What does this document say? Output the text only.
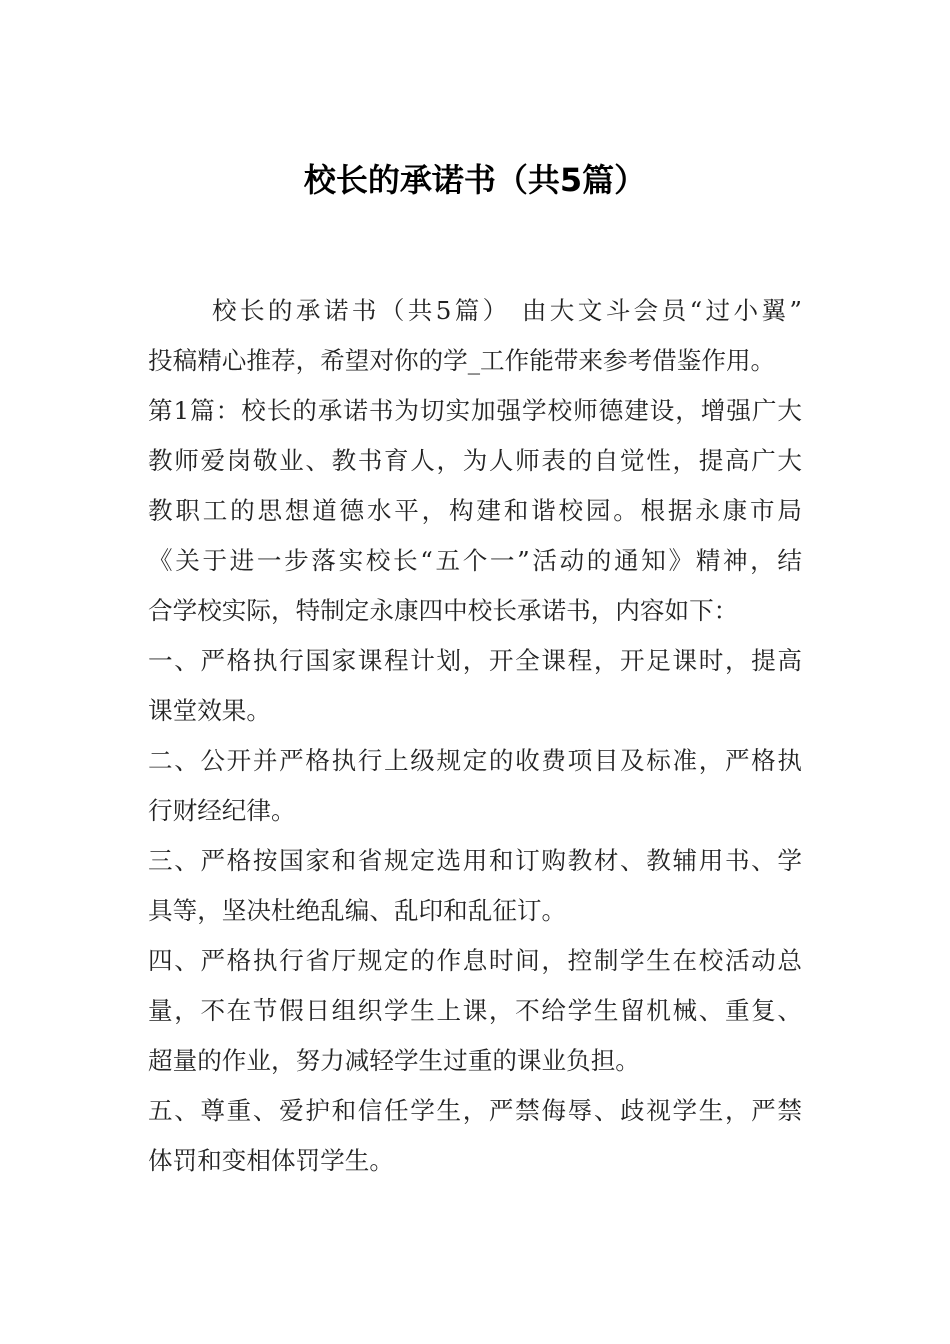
校长的承诺书（共5篇）
校长的承诺书（共5篇） 由大文斗会员“过小翼”
投稿精心推荐，希望对你的学_工作能带来参考借鉴作用。
第1篇：校长的承诺书为切实加强学校师德建设，增强广大
教师爱岗敬业、教书育人，为人师表的自觉性，提高广大
教职工的思想道德水平，构建和谐校园。根据永康市局
《关于进一步落实校长“五个一”活动的通知》精神，结
合学校实际，特制定永康四中校长承诺书，内容如下：
一、严格执行国家课程计划，开全课程，开足课时，提高
课堂效果。
二、公开并严格执行上级规定的收费项目及标准，严格执
行财经纪律。
三、严格按国家和省规定选用和订购教材、教辅用书、学
具等，坚决杜绝乱编、乱印和乱征订。
四、严格执行省厅规定的作息时间，控制学生在校活动总
量，不在节假日组织学生上课，不给学生留机械、重复、
超量的作业，努力减轻学生过重的课业负担。
五、尊重、爱护和信任学生，严禁侮辱、歧视学生，严禁
体罚和变相体罚学生。
